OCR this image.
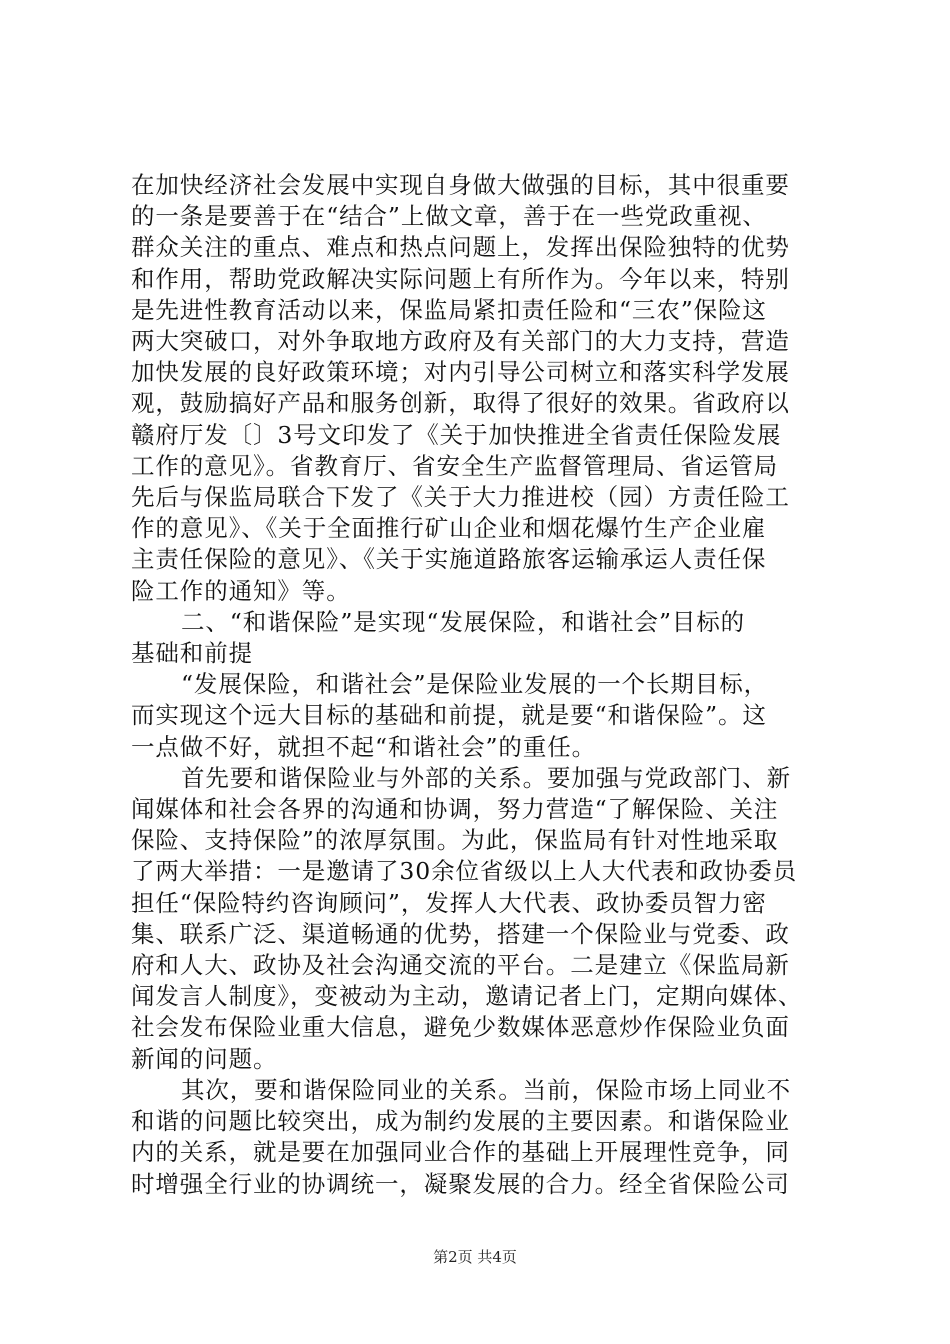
在加快经济社会发展中实现自身做大做强的目标，其中很重要
的一条是要善于在“结合”上做文章，善于在一些党政重视、
群众关注的重点、难点和热点问题上，发挥出保险独特的优势
和作用，帮助党政解决实际问题上有所作为。今年以来，特别
是先进性教育活动以来，保监局紧扣责任险和“三农”保险这
两大突破口，对外争取地方政府及有关部门的大力支持，营造
加快发展的良好政策环境；对内引导公司树立和落实科学发展
观，鼓励搞好产品和服务创新，取得了很好的效果。省政府以
赣府厅发〔〕3号文印发了《关于加快推进全省责任保险发展
工作的意见》。省教育厅、省安全生产监督管理局、省运管局
先后与保监局联合下发了《关于大力推进校（园）方责任险工
作的意见》、《关于全面推行矿山企业和烟花爆竹生产企业雇
主责任保险的意见》、《关于实施道路旅客运输承运人责任保
险工作的通知》等。
二、“和谐保险”是实现“发展保险，和谐社会”目标的
基础和前提
“发展保险，和谐社会”是保险业发展的一个长期目标，
而实现这个远大目标的基础和前提，就是要“和谐保险”。这
一点做不好，就担不起“和谐社会”的重任。
首先要和谐保险业与外部的关系。要加强与党政部门、新
闻媒体和社会各界的沟通和协调，努力营造“了解保险、关注
保险、支持保险”的浓厚氛围。为此，保监局有针对性地采取
了两大举措：一是邀请了30余位省级以上人大代表和政协委员
担任“保险特约咨询顾问”，发挥人大代表、政协委员智力密
集、联系广泛、渠道畅通的优势，搭建一个保险业与党委、政
府和人大、政协及社会沟通交流的平台。二是建立《保监局新
闻发言人制度》，变被动为主动，邀请记者上门，定期向媒体、
社会发布保险业重大信息，避免少数媒体恶意炒作保险业负面
新闻的问题。
其次，要和谐保险同业的关系。当前，保险市场上同业不
和谐的问题比较突出，成为制约发展的主要因素。和谐保险业
内的关系，就是要在加强同业合作的基础上开展理性竞争，同
时增强全行业的协调统一，凝聚发展的合力。经全省保险公司
第2页 共4页
